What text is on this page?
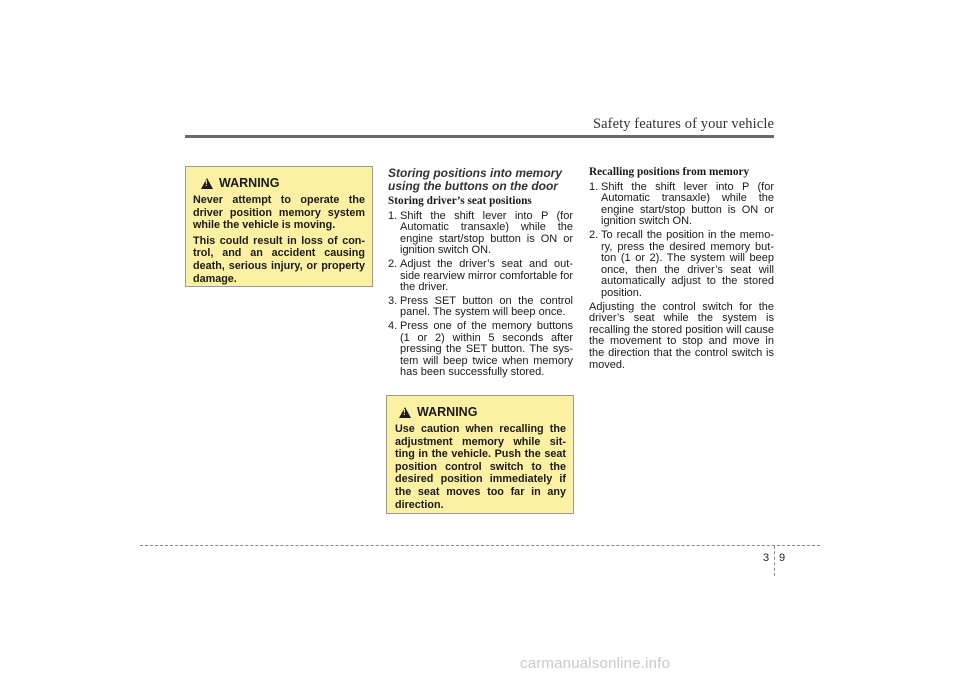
Safety features of your vehicle
!
WARNING

Never attempt to operate the driver position memory system while the vehicle is moving.

This could result in loss of con-trol, and an accident causing death, serious injury, or property damage.

Storing positions into memory using the buttons on the door

Storing driver’s seat positions
1. Shift the shift lever into P (for Automatic transaxle) while the engine start/stop button is ON or ignition switch ON.
2. Adjust the driver’s seat and out-side rearview mirror comfortable for the driver.
3. Press SET button on the control panel. The system will beep once.
4. Press one of the memory buttons (1 or 2) within 5 seconds after pressing the SET button. The sys-tem will beep twice when memory has been successfully stored.
!
WARNING

Use caution when recalling the adjustment memory while sit-ting in the vehicle. Push the seat position control switch to the desired position immediately if the seat moves too far in any direction.

Recalling positions from memory
1. Shift the shift lever into P (for Automatic transaxle) while the engine start/stop button is ON or ignition switch ON.
2. To recall the position in the memo-ry, press the desired memory but-ton (1 or 2). The system will beep once, then the driver’s seat will automatically adjust to the stored position.

Adjusting the control switch for the driver’s seat while the system is recalling the stored position will cause the movement to stop and move in the direction that the control switch is moved.

3 9
carmanualsonline.info
